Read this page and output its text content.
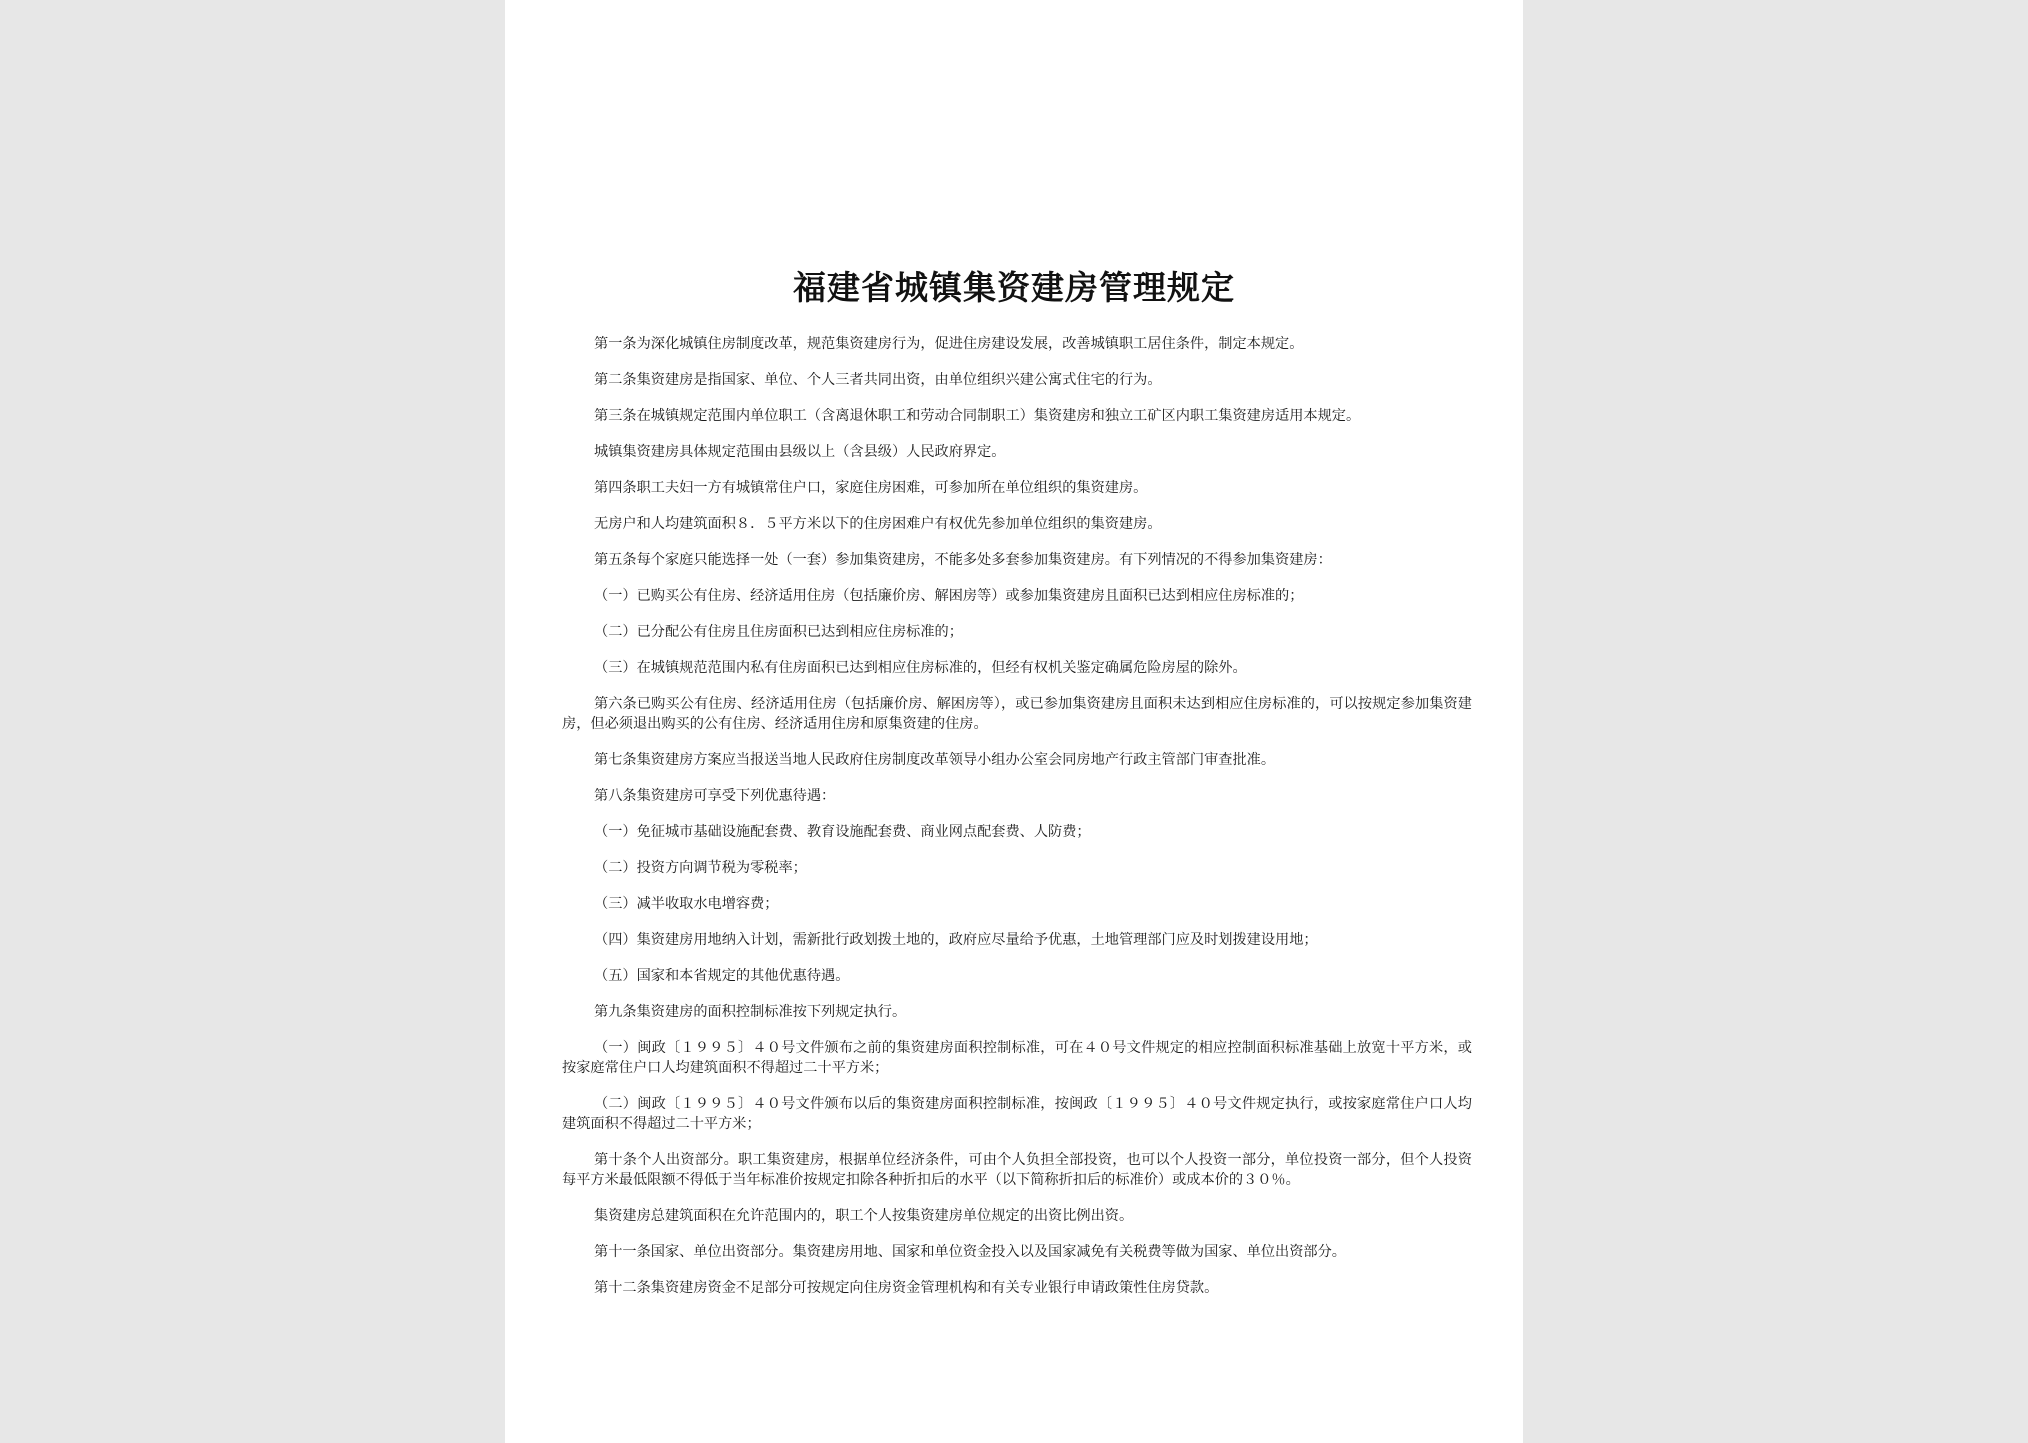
福建省城镇集资建房管理规定

第一条为深化城镇住房制度改革，规范集资建房行为，促进住房建设发展，改善城镇职工居住条件，制定本规定。

第二条集资建房是指国家、单位、个人三者共同出资，由单位组织兴建公寓式住宅的行为。

第三条在城镇规定范围内单位职工（含离退休职工和劳动合同制职工）集资建房和独立工矿区内职工集资建房适用本规定。

城镇集资建房具体规定范围由县级以上（含县级）人民政府界定。

第四条职工夫妇一方有城镇常住户口，家庭住房困难，可参加所在单位组织的集资建房。

无房户和人均建筑面积８．５平方米以下的住房困难户有权优先参加单位组织的集资建房。

第五条每个家庭只能选择一处（一套）参加集资建房，不能多处多套参加集资建房。有下列情况的不得参加集资建房：

（一）已购买公有住房、经济适用住房（包括廉价房、解困房等）或参加集资建房且面积已达到相应住房标准的；

（二）已分配公有住房且住房面积已达到相应住房标准的；

（三）在城镇规范范围内私有住房面积已达到相应住房标准的，但经有权机关鉴定确属危险房屋的除外。

第六条已购买公有住房、经济适用住房（包括廉价房、解困房等），或已参加集资建房且面积未达到相应住房标准的，可以按规定参加集资建房，但必须退出购买的公有住房、经济适用住房和原集资建的住房。

第七条集资建房方案应当报送当地人民政府住房制度改革领导小组办公室会同房地产行政主管部门审查批准。

第八条集资建房可享受下列优惠待遇：

（一）免征城市基础设施配套费、教育设施配套费、商业网点配套费、人防费；

（二）投资方向调节税为零税率；

（三）减半收取水电增容费；

（四）集资建房用地纳入计划，需新批行政划拨土地的，政府应尽量给予优惠，土地管理部门应及时划拨建设用地；

（五）国家和本省规定的其他优惠待遇。

第九条集资建房的面积控制标准按下列规定执行。

（一）闽政〔１９９５〕４０号文件颁布之前的集资建房面积控制标准，可在４０号文件规定的相应控制面积标准基础上放宽十平方米，或按家庭常住户口人均建筑面积不得超过二十平方米；

（二）闽政〔１９９５〕４０号文件颁布以后的集资建房面积控制标准，按闽政〔１９９５〕４０号文件规定执行，或按家庭常住户口人均建筑面积不得超过二十平方米；

第十条个人出资部分。职工集资建房，根据单位经济条件，可由个人负担全部投资，也可以个人投资一部分，单位投资一部分，但个人投资每平方米最低限额不得低于当年标准价按规定扣除各种折扣后的水平（以下简称折扣后的标准价）或成本价的３０％。

集资建房总建筑面积在允许范围内的，职工个人按集资建房单位规定的出资比例出资。

第十一条国家、单位出资部分。集资建房用地、国家和单位资金投入以及国家减免有关税费等做为国家、单位出资部分。

第十二条集资建房资金不足部分可按规定向住房资金管理机构和有关专业银行申请政策性住房贷款。
